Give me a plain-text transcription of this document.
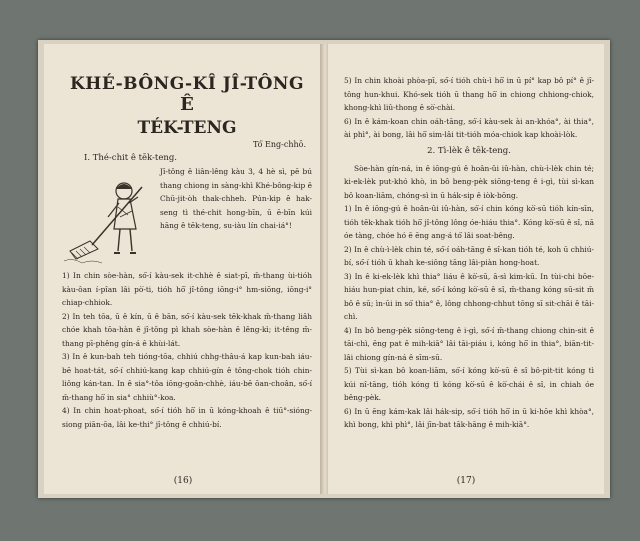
KHÉ-BÔNG-KÎ JÎ-TÔNG
Ê
TÉK-TENG
Tó͘ Eng-chhō.
I. Thé-chit ê tēk-teng.

Jî-tông ê liân-lêng kàu 3, 4 hè sì, pē bú thang chiong in sàng-khì Khé-bông-kip ê Chū-jit-òh thak-chheh. Pún-kip ê hak-seng tì thé-chit hong-bīn, ū ē-bīn kúi hāng ê tēk-teng, su-iàu lín chai-iá°!

1) In chin sòe-hàn, só͘-í kàu-sek it-chhè ê siat-pī, m̄-thang ùi-tióh kàu-ôan í-pîan lâi pò͘-ti, tióh hō͘ jî-tông iōng-i° hm-siōng, iōng-i° chiap-chhiok.

2) In teh tōa, ū ê kín, ū ê bān, só͘-í kàu-sek tēk-khak m̄-thang liâh chóe khah tōa-hàn ê jî-tông pì khah sòe-hàn ê lêng-kì; it-têng m̄-thang pī-phêng gín-á ê khùi-lát.

3) In ê kun-bah teh tióng-tōa, chhiú chhg-thâu-á kap kun-bah iáu-bē hoat-tát, só͘-í chhiú-kang kap chhiú-gín ê tông-chok tióh chin-liông kán-tan. In ê sia°-tôa iōng-goân-chhè, iáu-bē ōan-choân, só͘-í m̄-thang hō͘ in sia° chhiù°-koa.

4) In chin hoat-phoat, só͘-í tióh hō͘ in ū kóng-khoah ê tiū°-sióng-siong piān-ōa, lâi ke-thi° jî-tông ê chhiú-bí.

(16)

5) In chin khoài phòa-pī, só͘-í tióh chù-ì hō͘ in ū pí° kap bô pí° ê jî-tông hun-khui. Khó-sek tióh ū thang hō͘ in chiong chhiong-chiok, khong-khì liû-thong ê sò͘-chài.

6) In ê kám-koan chin oáh-tāng, só͘-í kàu-sek ài an-khóa°, ài thia°, ài phì°, ài bong, lâi hō͘ sim-lâi tit-tióh móa-chiok kap khoài-lòk.

2. Tì-lèk ê tēk-teng.

Sòe-hàn gín-ná, in ê iōng-gú ê hoân-ûi iû-hàn, chù-ì-lèk chin té; ki-ek-lèk put-khó khò, in bô beng-pèk siōng-teng ê i-gì, tùi sì-kan bô koan-liām, chóng-sì in ū hák-sip ê iòk-bōng.

1) In ê iōng-gú ê hoân-ûi iû-hàn, só͘-í chin kóng kò͘-sū tióh kín-sīn, tióh tēk-khak tióh hō͘ jî-tông lông óe-hiáu thia°. Kóng kò͘-sū ê sî, nā óe tàng, chóe hó ē ēng ang-á tó͘ lâi soat-bêng.

2) In ê chù-ì-lèk chin té, só͘-í oáh-tāng ê sî-kan tióh té, koh ū chhiú-bí, só͘-í tióh ū khah ke-siông tāng lâi-piàn hong-hoat.

3) In ê ki-ek-lèk khì thia° liáu ê kò͘-sū, ā-sì kim-kū. In tùi-chi bōe-hiáu hun-piat chin, ké, só͘-í kóng kò͘-sū ê sî, m̄-thang kóng sū-sit m̄ bô ê sū; ìn-ūi in só͘ thia° ê, lông chhong-chhut tōng sī sit-chāi ê tāi-chì.

4) In bô beng-pèk siōng-teng ê i-gì, só͘-í m̄-thang chiong chin-sit ê tāi-chì, ēng pat ê mih-kiā° lâi tāi-piáu i, kóng hō͘ in thia°, biān-tit-lâi chiong gín-ná ê sīm-sū.

5) Tùi sì-kan bô koan-liām, só͘-í kóng kò͘-sū ê sî bô-pit-tit kóng tì kúi nî-tāng, tióh kóng tì kóng kò͘-sū ê kò͘-chái ê sî, in chiah óe bêng-pèk.

6) In ū ēng kám-kak lâi hák-sip, só͘-í tióh hō͘ in ū ki-hōe khì khòa°, khì bong, khì phì°, lâi jīn-bat tāk-hāng ê mih-kiā°.

(17)
